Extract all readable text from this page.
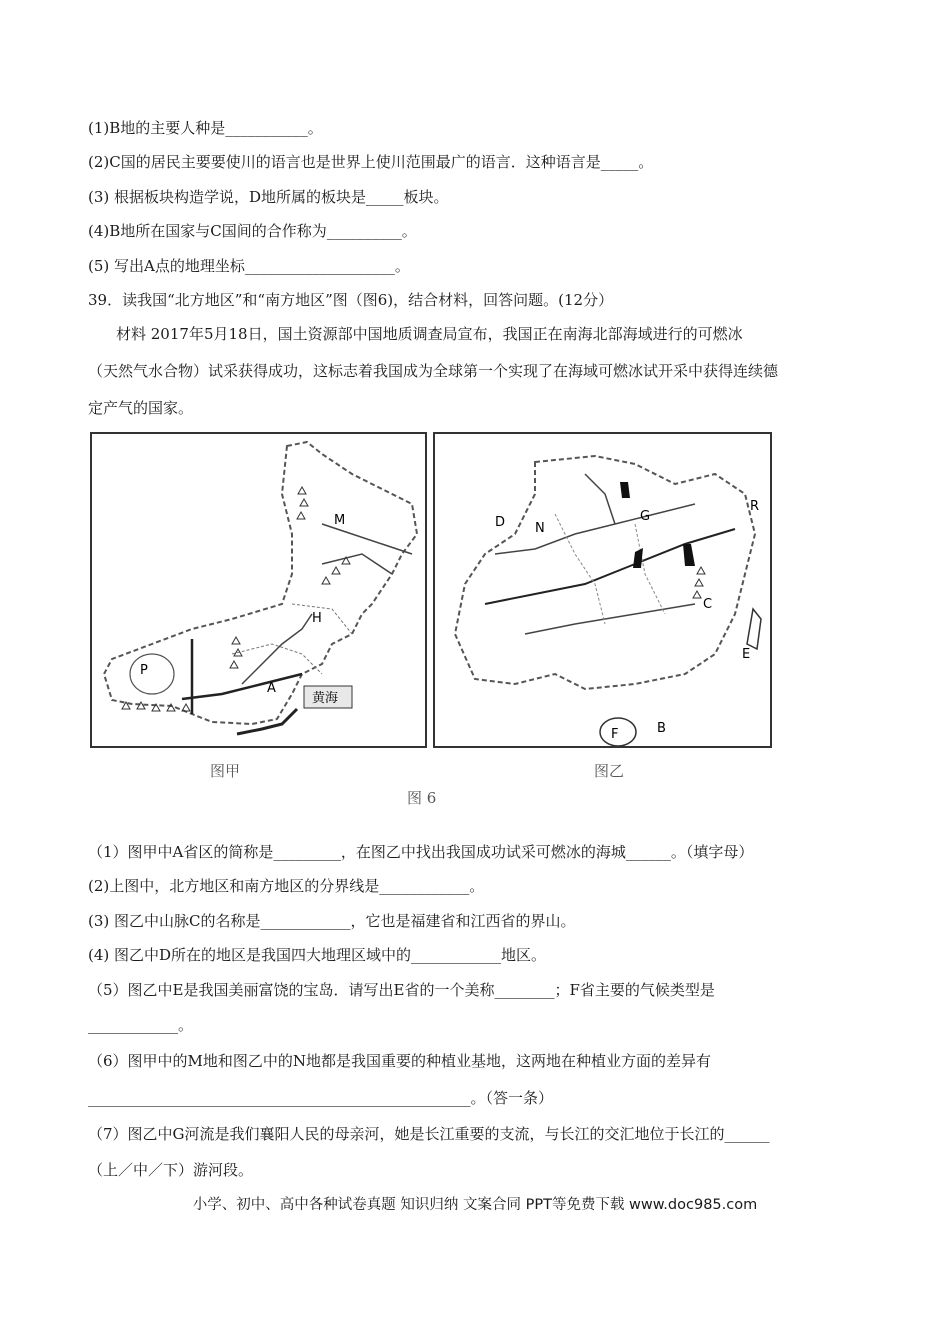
(1)B地的主要人种是___________。
(2)C国的居民主要要使川的语言也是世界上使川范围最广的语言．这种语言是_____。
(3) 根据板块构造学说，D地所属的板块是_____板块。
(4)B地所在国家与C国间的合作称为__________。
(5) 写出A点的地理坐标____________________。
39．读我国“北方地区”和“南方地区”图（图6)，结合材料，回答问题。(12分）
材料 2017年5月18日，国土资源部中国地质调查局宣布，我国正在南海北部海域进行的可燃冰
（天然气水合物）试采获得成功，这标志着我国成为全球第一个实现了在海域可燃冰试开采中获得连续德
定产气的国家。
M
H
P
A
黄海
D N
G
R
C
E
F	B
图甲	图乙
图 6
（1）图甲中A省区的简称是_________，在图乙中找出我国成功试采可燃冰的海城______。（填字母）
(2)上图中，北方地区和南方地区的分界线是____________。
(3) 图乙中山脉C的名称是____________，它也是福建省和江西省的界山。
(4) 图乙中D所在的地区是我国四大地理区域中的____________地区。
（5）图乙中E是我国美丽富饶的宝岛．请写出E省的一个美称________；F省主要的气候类型是
____________。
（6）图甲中的M地和图乙中的N地都是我国重要的种植业基地，这两地在种植业方面的差异有
___________________________________________________。（答一条）
（7）图乙中G河流是我们襄阳人民的母亲河，她是长江重要的支流，与长江的交汇地位于长江的______
（上／中／下）游河段。
小学、初中、高中各种试卷真题 知识归纳 文案合同 PPT等免费下载 www.doc985.com
